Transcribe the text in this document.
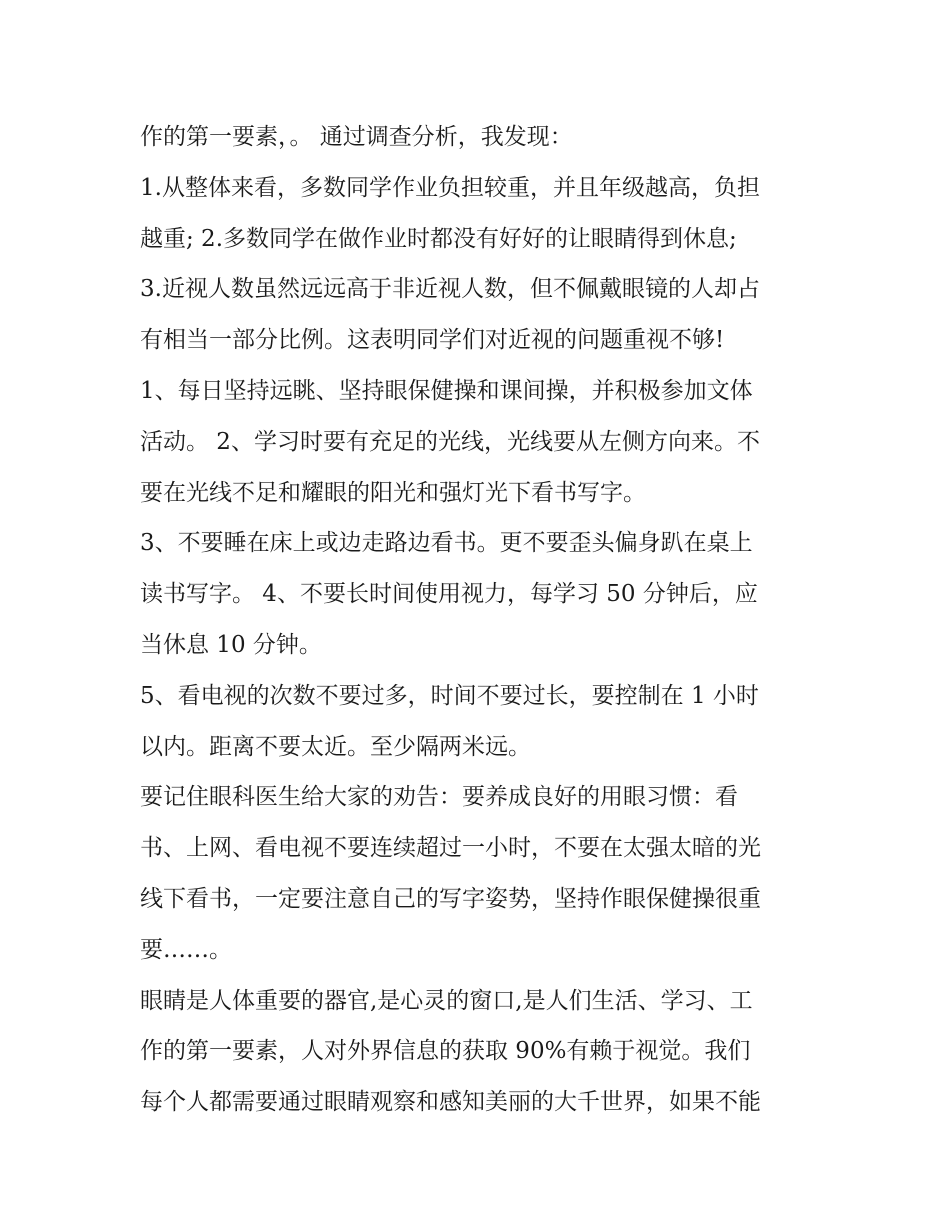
作的第一要素，。 通过调查分析，我发现：
1.从整体来看，多数同学作业负担较重，并且年级越高，负担
越重; 2.多数同学在做作业时都没有好好的让眼睛得到休息;
3.近视人数虽然远远高于非近视人数，但不佩戴眼镜的人却占
有相当一部分比例。这表明同学们对近视的问题重视不够!
1、每日坚持远眺、坚持眼保健操和课间操，并积极参加文体
活动。 2、学习时要有充足的光线，光线要从左侧方向来。不
要在光线不足和耀眼的阳光和强灯光下看书写字。
3、不要睡在床上或边走路边看书。更不要歪头偏身趴在桌上
读书写字。 4、不要长时间使用视力，每学习 50 分钟后，应
当休息 10 分钟。
5、看电视的次数不要过多，时间不要过长，要控制在 1 小时
以内。距离不要太近。至少隔两米远。
要记住眼科医生给大家的劝告：要养成良好的用眼习惯：看
书、上网、看电视不要连续超过一小时，不要在太强太暗的光
线下看书，一定要注意自己的写字姿势，坚持作眼保健操很重
要……。
眼睛是人体重要的器官,是心灵的窗口,是人们生活、学习、工
作的第一要素，人对外界信息的获取 90%有赖于视觉。我们
每个人都需要通过眼睛观察和感知美丽的大千世界，如果不能
